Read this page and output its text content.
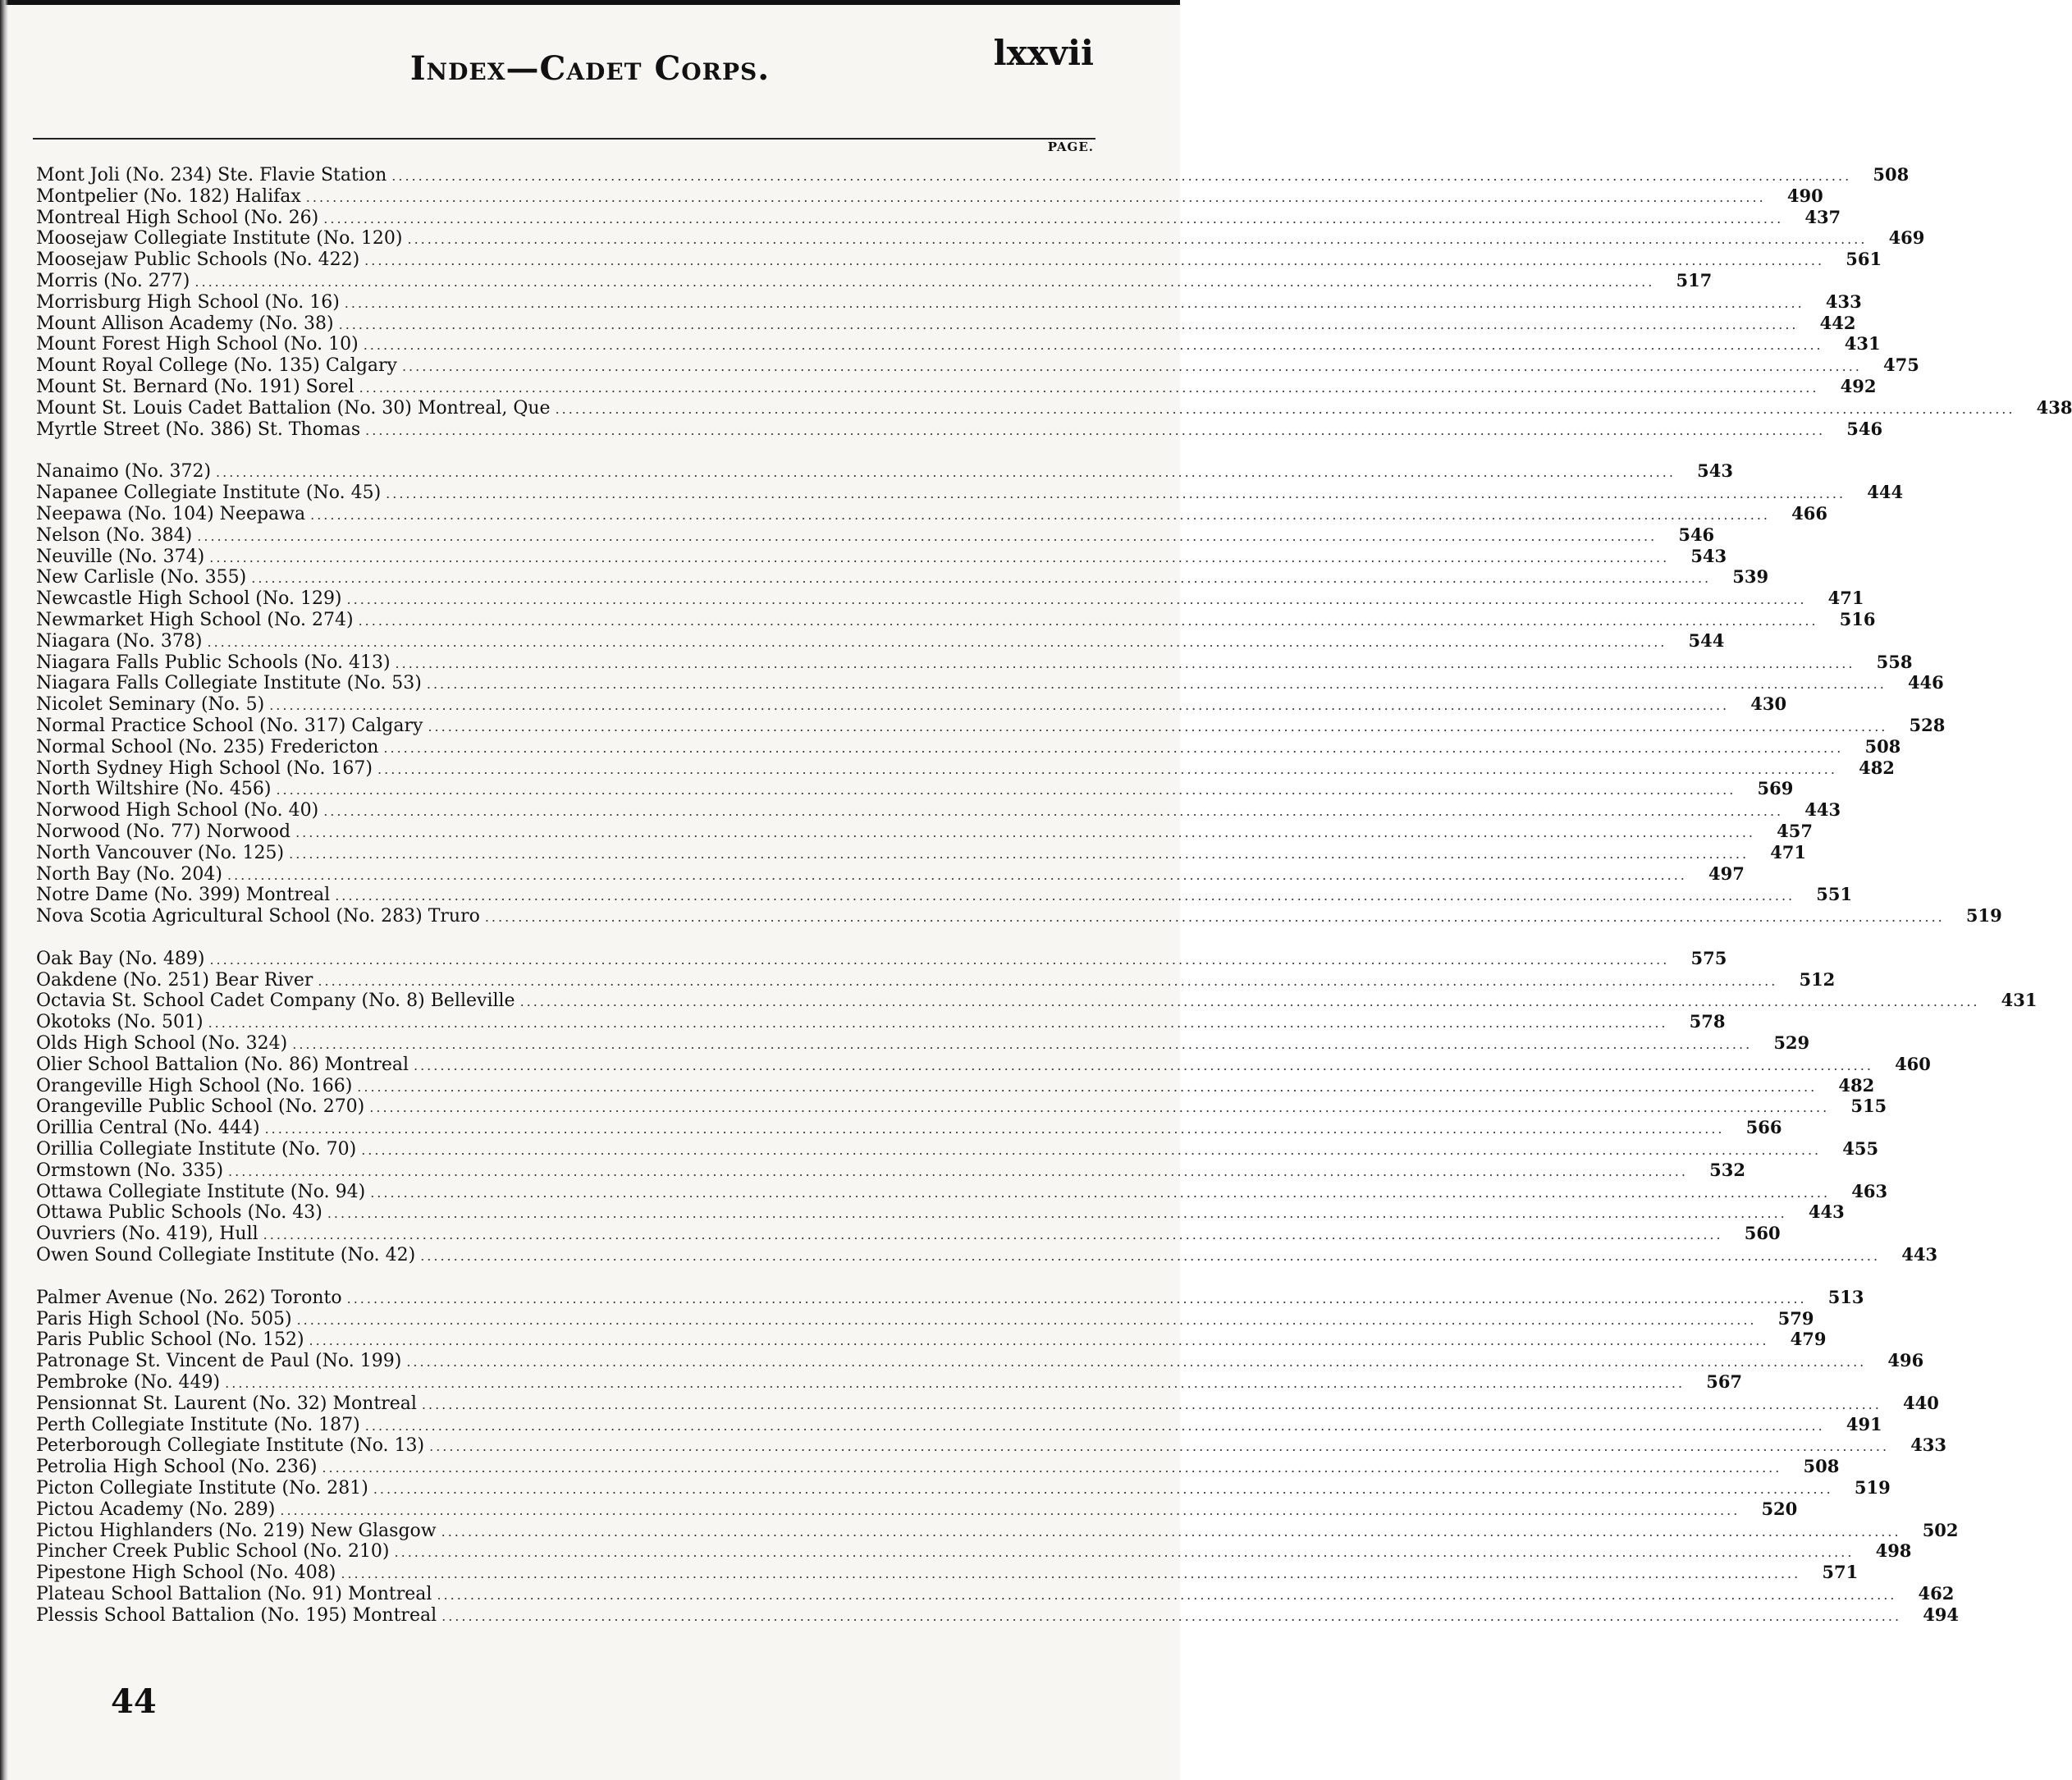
Index—Cadet Corps.	lxxvii
PAGE.
Mont Joli (No. 234) Ste. Flavie Station ............................................................................................................................................................................................................................	508
Montpelier (No. 182) Halifax ............................................................................................................................................................................................................................	490
Montreal High School (No. 26) ............................................................................................................................................................................................................................	437
Moosejaw Collegiate Institute (No. 120) ............................................................................................................................................................................................................................	469
Moosejaw Public Schools (No. 422) ............................................................................................................................................................................................................................	561
Morris (No. 277) ............................................................................................................................................................................................................................	517
Morrisburg High School (No. 16) ............................................................................................................................................................................................................................	433
Mount Allison Academy (No. 38) ............................................................................................................................................................................................................................	442
Mount Forest High School (No. 10) ............................................................................................................................................................................................................................	431
Mount Royal College (No. 135) Calgary ............................................................................................................................................................................................................................	475
Mount St. Bernard (No. 191) Sorel ............................................................................................................................................................................................................................	492
Mount St. Louis Cadet Battalion (No. 30) Montreal, Que ............................................................................................................................................................................................................................	438
Myrtle Street (No. 386) St. Thomas ............................................................................................................................................................................................................................	546
Nanaimo (No. 372) ............................................................................................................................................................................................................................	543
Napanee Collegiate Institute (No. 45) ............................................................................................................................................................................................................................	444
Neepawa (No. 104) Neepawa ............................................................................................................................................................................................................................	466
Nelson (No. 384) ............................................................................................................................................................................................................................	546
Neuville (No. 374) ............................................................................................................................................................................................................................	543
New Carlisle (No. 355) ............................................................................................................................................................................................................................	539
Newcastle High School (No. 129) ............................................................................................................................................................................................................................	471
Newmarket High School (No. 274) ............................................................................................................................................................................................................................	516
Niagara (No. 378) ............................................................................................................................................................................................................................	544
Niagara Falls Public Schools (No. 413) ............................................................................................................................................................................................................................	558
Niagara Falls Collegiate Institute (No. 53) ............................................................................................................................................................................................................................	446
Nicolet Seminary (No. 5) ............................................................................................................................................................................................................................	430
Normal Practice School (No. 317) Calgary ............................................................................................................................................................................................................................	528
Normal School (No. 235) Fredericton ............................................................................................................................................................................................................................	508
North Sydney High School (No. 167) ............................................................................................................................................................................................................................	482
North Wiltshire (No. 456) ............................................................................................................................................................................................................................	569
Norwood High School (No. 40) ............................................................................................................................................................................................................................	443
Norwood (No. 77) Norwood ............................................................................................................................................................................................................................	457
North Vancouver (No. 125) ............................................................................................................................................................................................................................	471
North Bay (No. 204) ............................................................................................................................................................................................................................	497
Notre Dame (No. 399) Montreal ............................................................................................................................................................................................................................	551
Nova Scotia Agricultural School (No. 283) Truro ............................................................................................................................................................................................................................	519
Oak Bay (No. 489) ............................................................................................................................................................................................................................	575
Oakdene (No. 251) Bear River ............................................................................................................................................................................................................................	512
Octavia St. School Cadet Company (No. 8) Belleville ............................................................................................................................................................................................................................	431
Okotoks (No. 501) ............................................................................................................................................................................................................................	578
Olds High School (No. 324) ............................................................................................................................................................................................................................	529
Olier School Battalion (No. 86) Montreal ............................................................................................................................................................................................................................	460
Orangeville High School (No. 166) ............................................................................................................................................................................................................................	482
Orangeville Public School (No. 270) ............................................................................................................................................................................................................................	515
Orillia Central (No. 444) ............................................................................................................................................................................................................................	566
Orillia Collegiate Institute (No. 70) ............................................................................................................................................................................................................................	455
Ormstown (No. 335) ............................................................................................................................................................................................................................	532
Ottawa Collegiate Institute (No. 94) ............................................................................................................................................................................................................................	463
Ottawa Public Schools (No. 43) ............................................................................................................................................................................................................................	443
Ouvriers (No. 419), Hull ............................................................................................................................................................................................................................	560
Owen Sound Collegiate Institute (No. 42) ............................................................................................................................................................................................................................	443
Palmer Avenue (No. 262) Toronto ............................................................................................................................................................................................................................	513
Paris High School (No. 505) ............................................................................................................................................................................................................................	579
Paris Public School (No. 152) ............................................................................................................................................................................................................................	479
Patronage St. Vincent de Paul (No. 199) ............................................................................................................................................................................................................................	496
Pembroke (No. 449) ............................................................................................................................................................................................................................	567
Pensionnat St. Laurent (No. 32) Montreal ............................................................................................................................................................................................................................	440
Perth Collegiate Institute (No. 187) ............................................................................................................................................................................................................................	491
Peterborough Collegiate Institute (No. 13) ............................................................................................................................................................................................................................	433
Petrolia High School (No. 236) ............................................................................................................................................................................................................................	508
Picton Collegiate Institute (No. 281) ............................................................................................................................................................................................................................	519
Pictou Academy (No. 289) ............................................................................................................................................................................................................................	520
Pictou Highlanders (No. 219) New Glasgow ............................................................................................................................................................................................................................	502
Pincher Creek Public School (No. 210) ............................................................................................................................................................................................................................	498
Pipestone High School (No. 408) ............................................................................................................................................................................................................................	571
Plateau School Battalion (No. 91) Montreal ............................................................................................................................................................................................................................	462
Plessis School Battalion (No. 195) Montreal ............................................................................................................................................................................................................................	494
44
